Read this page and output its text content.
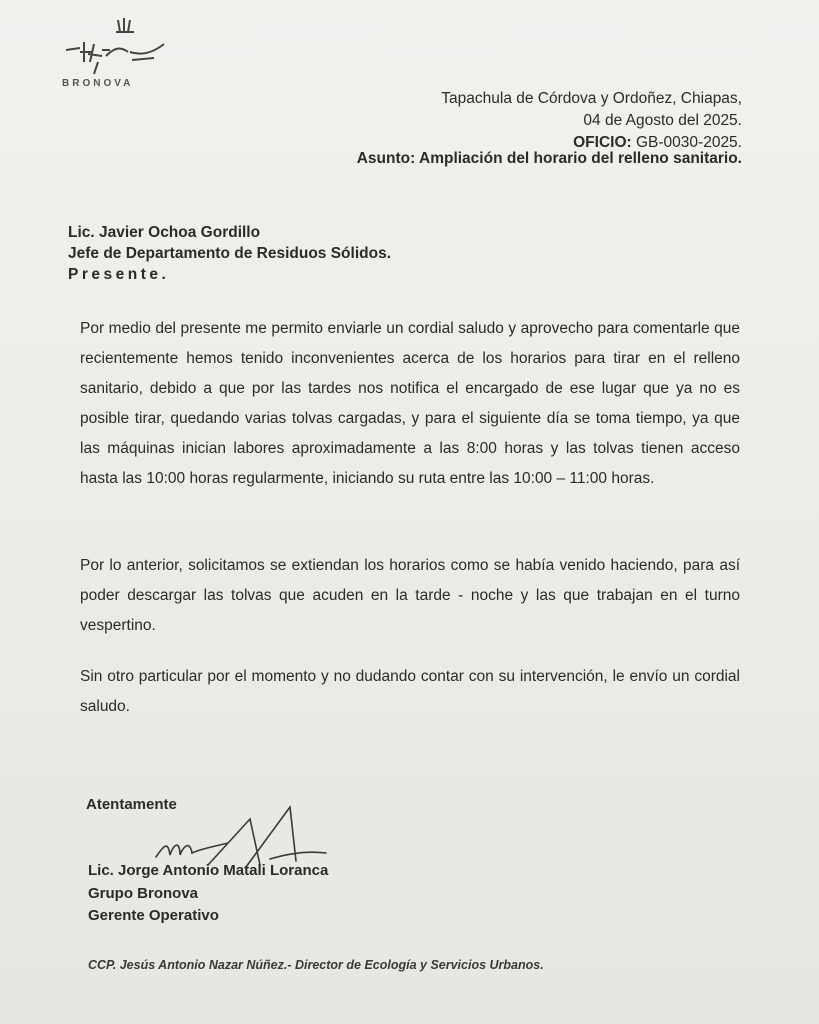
BRONOVA
Tapachula de Córdova y Ordoñez, Chiapas,
04 de Agosto del 2025.
OFICIO: GB-0030-2025.
Asunto: Ampliación del horario del relleno sanitario.
Lic. Javier Ochoa Gordillo
Jefe de Departamento de Residuos Sólidos.
Presente.
Por medio del presente me permito enviarle un cordial saludo y aprovecho para comentarle que recientemente hemos tenido inconvenientes acerca de los horarios para tirar en el relleno sanitario, debido a que por las tardes nos notifica el encargado de ese lugar que ya no es posible tirar, quedando varias tolvas cargadas, y para el siguiente día se toma tiempo, ya que las máquinas inician labores aproximadamente a las 8:00 horas y las tolvas tienen acceso hasta las 10:00 horas regularmente, iniciando su ruta entre las 10:00 – 11:00 horas.
Por lo anterior, solicitamos se extiendan los horarios como se había venido haciendo, para así poder descargar las tolvas que acuden en la tarde - noche y las que trabajan en el turno vespertino.
Sin otro particular por el momento y no dudando contar con su intervención, le envío un cordial saludo.
Atentamente
Lic. Jorge Antonio Matali Loranca
Grupo Bronova
Gerente Operativo
CCP. Jesús Antonio Nazar Núñez.- Director de Ecología y Servicios Urbanos.
